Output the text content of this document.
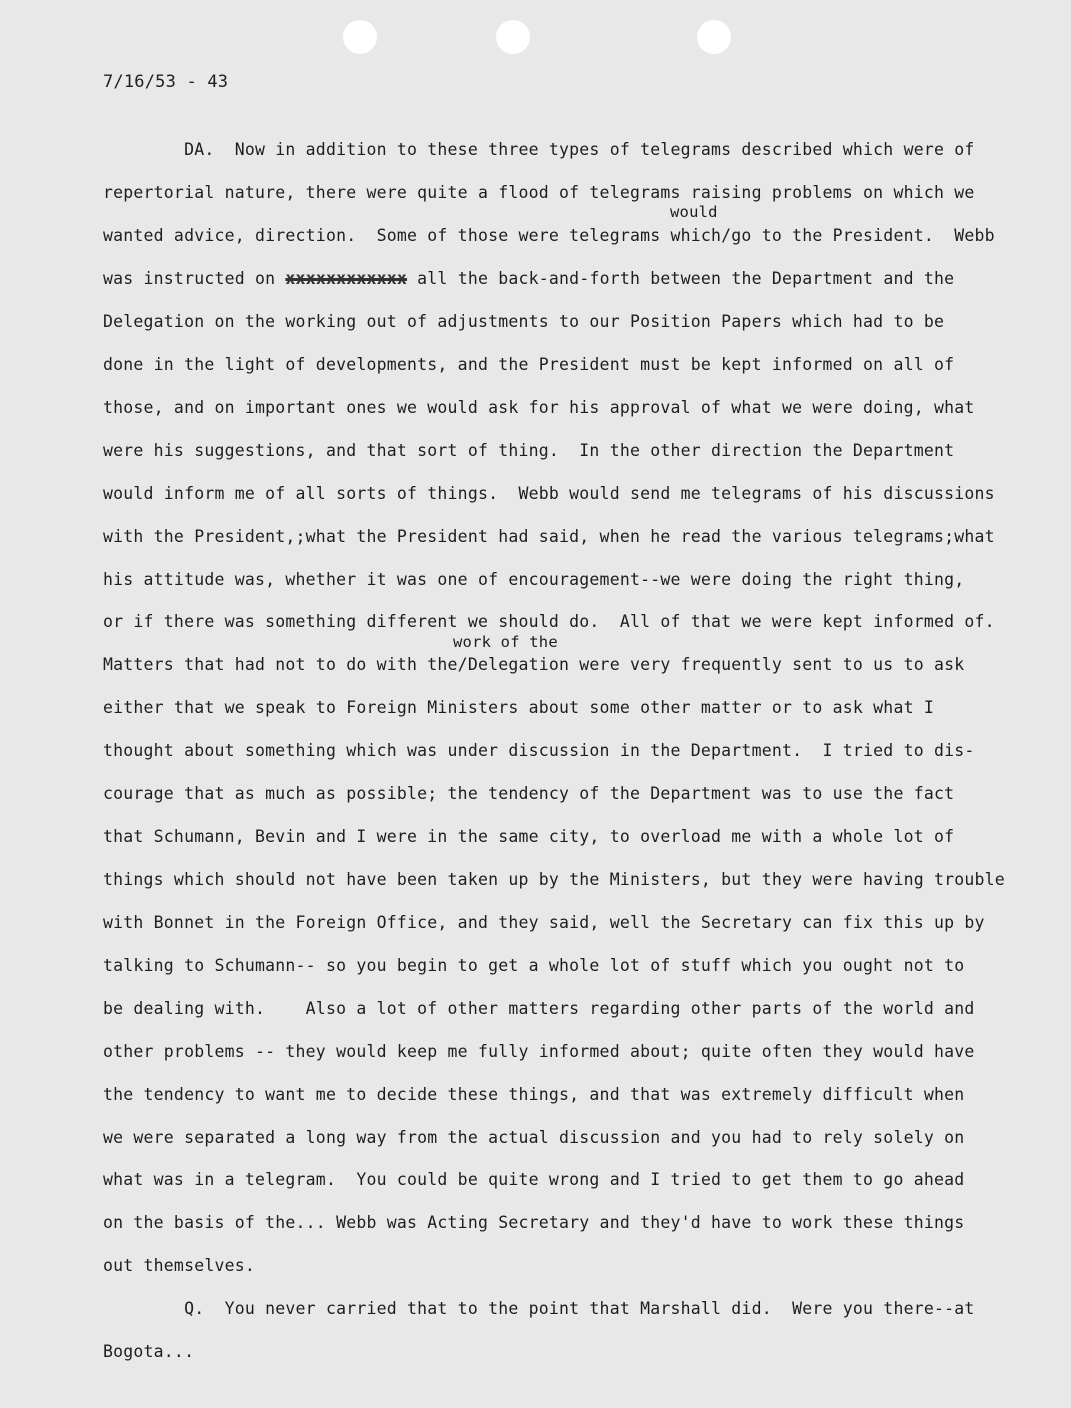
7/16/53 - 43
DA.  Now in addition to these three types of telegrams described which were of
repertorial nature, there were quite a flood of telegrams raising problems on which we
would
wanted advice, direction.  Some of those were telegrams which/go to the President.  Webb
was instructed on xxxxxxxxxxxx all the back-and-forth between the Department and the
Delegation on the working out of adjustments to our Position Papers which had to be
done in the light of developments, and the President must be kept informed on all of
those, and on important ones we would ask for his approval of what we were doing, what
were his suggestions, and that sort of thing.  In the other direction the Department
would inform me of all sorts of things.  Webb would send me telegrams of his discussions
with the President,;what the President had said, when he read the various telegrams;what
his attitude was, whether it was one of encouragement--we were doing the right thing,
or if there was something different we should do.  All of that we were kept informed of.
work of the
Matters that had not to do with the/Delegation were very frequently sent to us to ask
either that we speak to Foreign Ministers about some other matter or to ask what I
thought about something which was under discussion in the Department.  I tried to dis-
courage that as much as possible; the tendency of the Department was to use the fact
that Schumann, Bevin and I were in the same city, to overload me with a whole lot of
things which should not have been taken up by the Ministers, but they were having trouble
with Bonnet in the Foreign Office, and they said, well the Secretary can fix this up by
talking to Schumann-- so you begin to get a whole lot of stuff which you ought not to
be dealing with.    Also a lot of other matters regarding other parts of the world and
other problems -- they would keep me fully informed about; quite often they would have
the tendency to want me to decide these things, and that was extremely difficult when
we were separated a long way from the actual discussion and you had to rely solely on
what was in a telegram.  You could be quite wrong and I tried to get them to go ahead
on the basis of the... Webb was Acting Secretary and they'd have to work these things
out themselves.
Q.  You never carried that to the point that Marshall did.  Were you there--at
Bogota...
